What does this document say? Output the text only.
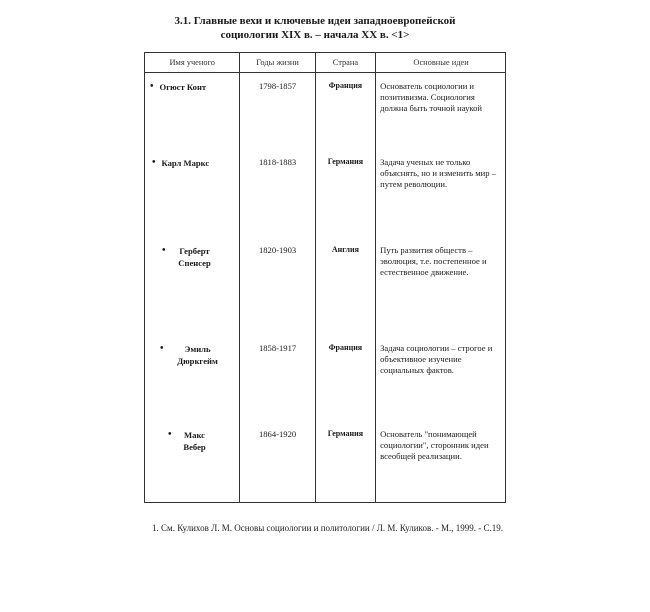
3.1. Главные вехи и ключевые идеи западноевропейской
социологии XIX в. – начала XX в. <1>
Имя ученого	Годы жизни	Страна	Основные идеи

• Огюст Конт	1798-1857	Франция	Основатель социологии и позитивизма. Социология должна быть точной наукой

• Карл Маркс	1818-1883	Германия	Задача ученых не только объяснять, но и изменить мир – путем революции.

• Герберт Спенсер	1820-1903	Англия	Путь развития обществ – эволюция, т.е. постепенное и естественное движение.

• Эмиль Дюркгейм	1858-1917	Франция	Задача социологии – строгое и объективное изучение социальных фактов.

• Макс Вебер	1864-1920	Германия	Основатель "понимающей социологии", сторонник идеи всеобщей реализации.
1. См. Кулихов Л. М. Основы социологии и политологии / Л. М. Куликов. - М., 1999. - С.19.
